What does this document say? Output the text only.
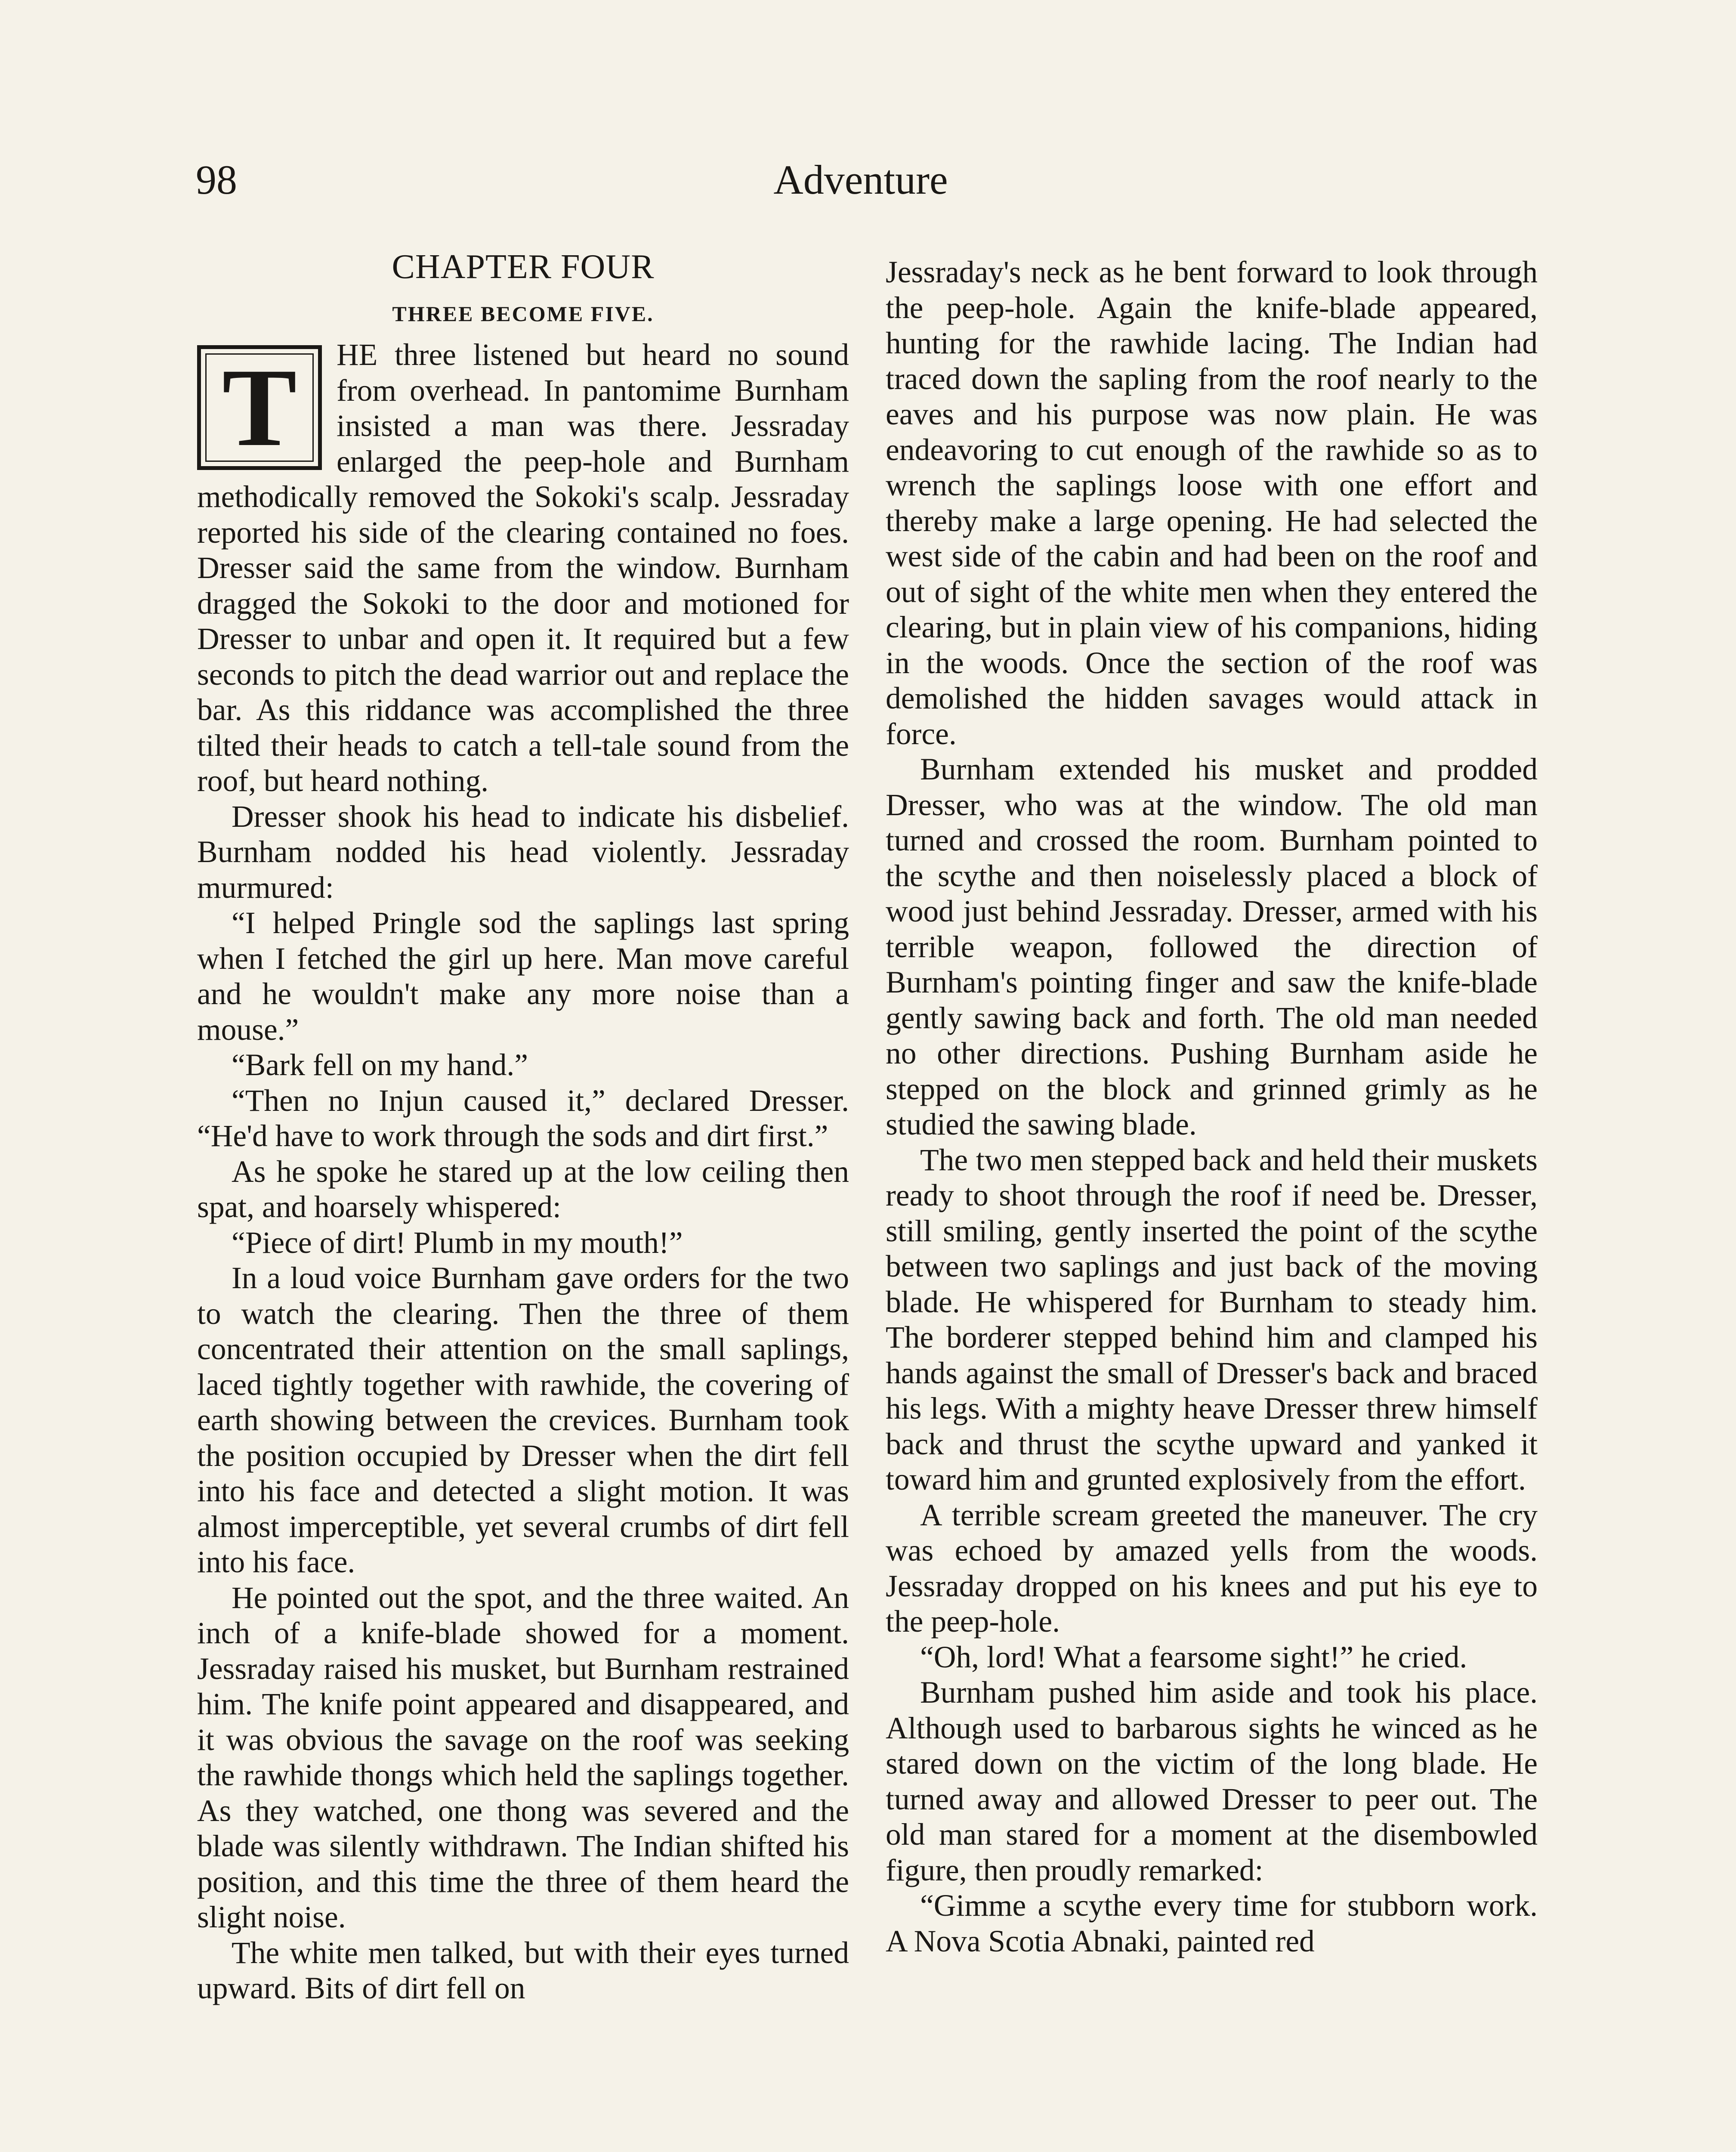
98	Adventure
CHAPTER FOUR
THREE BECOME FIVE.
T	HE three listened but heard no sound from overhead. In pantomime Burnham insisted a man was there. Jessraday enlarged the peep-hole and Burnham methodically removed the Sokoki's scalp. Jessraday reported his side of the clearing contained no foes. Dresser said the same from the window. Burnham dragged the Sokoki to the door and motioned for Dresser to unbar and open it. It required but a few seconds to pitch the dead warrior out and replace the bar. As this riddance was accomplished the three tilted their heads to catch a tell-tale sound from the roof, but heard nothing.

Dresser shook his head to indicate his disbelief. Burnham nodded his head violently. Jessraday murmured:

“I helped Pringle sod the saplings last spring when I fetched the girl up here. Man move careful and he wouldn't make any more noise than a mouse.”

“Bark fell on my hand.”

“Then no Injun caused it,” declared Dresser. “He'd have to work through the sods and dirt first.”

As he spoke he stared up at the low ceiling then spat, and hoarsely whispered:

“Piece of dirt! Plumb in my mouth!”

In a loud voice Burnham gave orders for the two to watch the clearing. Then the three of them concentrated their attention on the small saplings, laced tightly together with rawhide, the covering of earth showing between the crevices. Burnham took the position occupied by Dresser when the dirt fell into his face and detected a slight motion. It was almost imperceptible, yet several crumbs of dirt fell into his face.

He pointed out the spot, and the three waited. An inch of a knife-blade showed for a moment. Jessraday raised his musket, but Burnham restrained him. The knife point appeared and disappeared, and it was obvious the savage on the roof was seeking the rawhide thongs which held the saplings together. As they watched, one thong was severed and the blade was silently withdrawn. The Indian shifted his position, and this time the three of them heard the slight noise.

The white men talked, but with their eyes turned upward. Bits of dirt fell on

Jessraday's neck as he bent forward to look through the peep-hole. Again the knife-blade appeared, hunting for the rawhide lacing. The Indian had traced down the sapling from the roof nearly to the eaves and his purpose was now plain. He was endeavoring to cut enough of the rawhide so as to wrench the saplings loose with one effort and thereby make a large opening. He had selected the west side of the cabin and had been on the roof and out of sight of the white men when they entered the clearing, but in plain view of his companions, hiding in the woods. Once the section of the roof was demolished the hidden savages would attack in force.

Burnham extended his musket and prodded Dresser, who was at the window. The old man turned and crossed the room. Burnham pointed to the scythe and then noiselessly placed a block of wood just behind Jessraday. Dresser, armed with his terrible weapon, followed the direction of Burnham's pointing finger and saw the knife-blade gently sawing back and forth. The old man needed no other directions. Pushing Burnham aside he stepped on the block and grinned grimly as he studied the sawing blade.

The two men stepped back and held their muskets ready to shoot through the roof if need be. Dresser, still smiling, gently inserted the point of the scythe between two saplings and just back of the moving blade. He whispered for Burnham to steady him. The borderer stepped behind him and clamped his hands against the small of Dresser's back and braced his legs. With a mighty heave Dresser threw himself back and thrust the scythe upward and yanked it toward him and grunted explosively from the effort.

A terrible scream greeted the maneuver. The cry was echoed by amazed yells from the woods. Jessraday dropped on his knees and put his eye to the peep-hole.

“Oh, lord! What a fearsome sight!” he cried.

Burnham pushed him aside and took his place. Although used to barbarous sights he winced as he stared down on the victim of the long blade. He turned away and allowed Dresser to peer out. The old man stared for a moment at the disembowled figure, then proudly remarked:

“Gimme a scythe every time for stubborn work. A Nova Scotia Abnaki, painted red
